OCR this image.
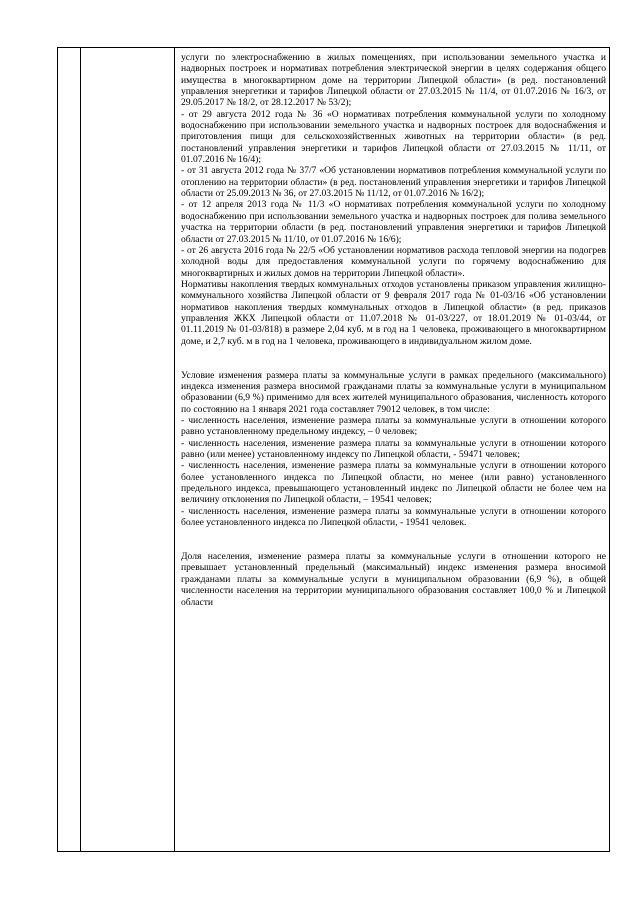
услуги по электроснабжению в жилых помещениях, при использовании земельного участка и надворных построек и нормативах потребления электрической энергии в целях содержания общего имущества в многоквартирном доме на территории Липецкой области» (в ред. постановлений управления энергетики и тарифов Липецкой области от 27.03.2015 № 11/4, от 01.07.2016 № 16/3, от 29.05.2017 № 18/2, от 28.12.2017 № 53/2);

- от 29 августа 2012 года № 36 «О нормативах потребления коммунальной услуги по холодному водоснабжению при использовании земельного участка и надворных построек для водоснабжения и приготовления пищи для сельскохозяйственных животных на территории области» (в ред. постановлений управления энергетики и тарифов Липецкой области от 27.03.2015 № 11/11, от 01.07.2016 № 16/4);

- от 31 августа 2012 года № 37/7 «Об установлении нормативов потребления коммунальной услуги по отоплению на территории области» (в ред. постановлений управления энергетики и тарифов Липецкой области от 25.09.2013 № 36, от 27.03.2015 № 11/12, от 01.07.2016 № 16/2);

- от 12 апреля 2013 года № 11/3 «О нормативах потребления коммунальной услуги по холодному водоснабжению при использовании земельного участка и надворных построек для полива земельного участка на территории области (в ред. постановлений управления энергетики и тарифов Липецкой области от 27.03.2015 № 11/10, от 01.07.2016 № 16/6);

- от 26 августа 2016 года № 22/5 «Об установлении нормативов расхода тепловой энергии на подогрев холодной воды для предоставления коммунальной услуги по горячему водоснабжению для многоквартирных и жилых домов на территории Липецкой области».

Нормативы накопления твердых коммунальных отходов установлены приказом управления жилищно-коммунального хозяйства Липецкой области от 9 февраля 2017 года № 01-03/16 «Об установлении нормативов накопления твердых коммунальных отходов в Липецкой области» (в ред. приказов управления ЖКХ Липецкой области от 11.07.2018 № 01-03/227, от 18.01.2019 № 01-03/44, от 01.11.2019 № 01-03/818) в размере 2,04 куб. м в год на 1 человека, проживающего в многоквартирном доме, и 2,7 куб. м в год на 1 человека, проживающего в индивидуальном жилом доме.

Условие изменения размера платы за коммунальные услуги в рамках предельного (максимального) индекса изменения размера вносимой гражданами платы за коммунальные услуги в муниципальном образовании (6,9 %) применимо для всех жителей муниципального образования, численность которого по состоянию на 1 января 2021 года составляет 79012 человек, в том числе:

- численность населения, изменение размера платы за коммунальные услуги в отношении которого равно установленному предельному индексу, – 0 человек;

- численность населения, изменение размера платы за коммунальные услуги в отношении которого равно (или менее) установленному индексу по Липецкой области, - 59471 человек;

- численность населения, изменение размера платы за коммунальные услуги в отношении которого более установленного индекса по Липецкой области, но менее (или равно) установленного предельного индекса, превышающего установленный индекс по Липецкой области не более чем на величину отклонения по Липецкой области, – 19541 человек;

- численность населения, изменение размера платы за коммунальные услуги в отношении которого более установленного индекса по Липецкой области, - 19541 человек.

Доля населения, изменение размера платы за коммунальные услуги в отношении которого не превышает установленный предельный (максимальный) индекс изменения размера вносимой гражданами платы за коммунальные услуги в муниципальном образовании (6,9 %), в общей численности населения на территории муниципального образования составляет 100,0 % и Липецкой области
